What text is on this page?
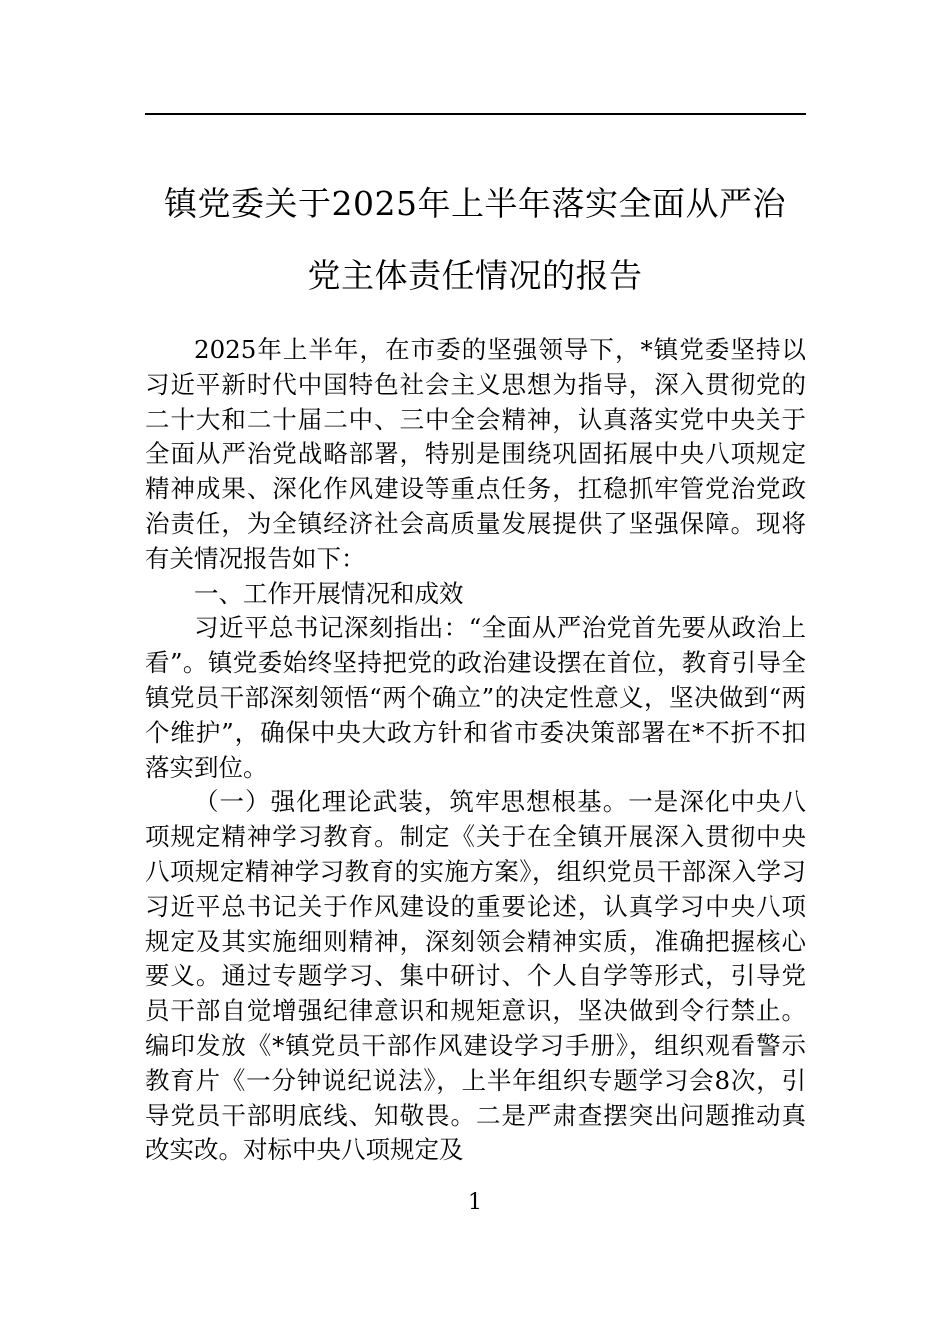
镇党委关于2025年上半年落实全面从严治
党主体责任情况的报告

2025年上半年，在市委的坚强领导下，*镇党委坚持以习近平新时代中国特色社会主义思想为指导，深入贯彻党的二十大和二十届二中、三中全会精神，认真落实党中央关于全面从严治党战略部署，特别是围绕巩固拓展中央八项规定精神成果、深化作风建设等重点任务，扛稳抓牢管党治党政治责任，为全镇经济社会高质量发展提供了坚强保障。现将有关情况报告如下：

一、工作开展情况和成效

习近平总书记深刻指出：“全面从严治党首先要从政治上看”。镇党委始终坚持把党的政治建设摆在首位，教育引导全镇党员干部深刻领悟“两个确立”的决定性意义，坚决做到“两个维护”，确保中央大政方针和省市委决策部署在*不折不扣落实到位。

（一）强化理论武装，筑牢思想根基。一是深化中央八项规定精神学习教育。制定《关于在全镇开展深入贯彻中央八项规定精神学习教育的实施方案》，组织党员干部深入学习习近平总书记关于作风建设的重要论述，认真学习中央八项规定及其实施细则精神，深刻领会精神实质，准确把握核心要义。通过专题学习、集中研讨、个人自学等形式，引导党员干部自觉增强纪律意识和规矩意识，坚决做到令行禁止。编印发放《*镇党员干部作风建设学习手册》，组织观看警示教育片《一分钟说纪说法》，上半年组织专题学习会8次，引导党员干部明底线、知敬畏。二是严肃查摆突出问题推动真改实改。对标中央八项规定及

1
